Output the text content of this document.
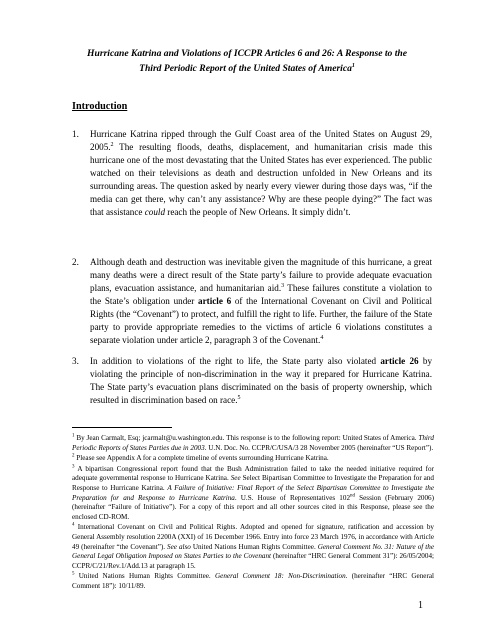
Hurricane Katrina and Violations of ICCPR Articles 6 and 26: A Response to the
Third Periodic Report of the United States of America$^1$
Introduction
1. Hurricane Katrina ripped through the Gulf Coast area of the United States on August 29, 2005.$^2$ The resulting floods, deaths, displacement, and humanitarian crisis made this hurricane one of the most devastating that the United States has ever experienced. The public watched on their televisions as death and destruction unfolded in New Orleans and its surrounding areas. The question asked by nearly every viewer during those days was, “if the media can get there, why can’t any assistance? Why are these people dying?” The fact was that assistance could reach the people of New Orleans. It simply didn’t.
2. Although death and destruction was inevitable given the magnitude of this hurricane, a great many deaths were a direct result of the State party’s failure to provide adequate evacuation plans, evacuation assistance, and humanitarian aid.$^3$ These failures constitute a violation to the State’s obligation under article 6 of the International Covenant on Civil and Political Rights (the “Covenant”) to protect, and fulfill the right to life. Further, the failure of the State party to provide appropriate remedies to the victims of article 6 violations constitutes a separate violation under article 2, paragraph 3 of the Covenant.$^4$
3. In addition to violations of the right to life, the State party also violated article 26 by violating the principle of non-discrimination in the way it prepared for Hurricane Katrina. The State party’s evacuation plans discriminated on the basis of property ownership, which resulted in discrimination based on race.$^5$

$^1$ By Jean Carmalt, Esq; jcarmalt@u.washington.edu. This response is to the following report: United States of America. Third Periodic Reports of States Parties due in 2003. U.N. Doc. No. CCPR/C/USA/3 28 November 2005 (hereinafter “US Report”).

$^2$ Please see Appendix A for a complete timeline of events surrounding Hurricane Katrina.

$^3$ A bipartisan Congressional report found that the Bush Administration failed to take the needed initiative required for adequate governmental response to Hurricane Katrina. See Select Bipartisan Committee to Investigate the Preparation for and Response to Hurricane Katrina. A Failure of Initiative: Final Report of the Select Bipartisan Committee to Investigate the Preparation for and Response to Hurricane Katrina. U.S. House of Representatives 102nd Session (February 2006) (hereinafter “Failure of Initiative”). For a copy of this report and all other sources cited in this Response, please see the enclosed CD-ROM.

$^4$ International Covenant on Civil and Political Rights. Adopted and opened for signature, ratification and accession by General Assembly resolution 2200A (XXI) of 16 December 1966. Entry into force 23 March 1976, in accordance with Article 49 (hereinafter “the Covenant”). See also United Nations Human Rights Committee. General Comment No. 31: Nature of the General Legal Obligation Imposed on States Parties to the Covenant (hereinafter “HRC General Comment 31”): 26/05/2004; CCPR/C/21/Rev.1/Add.13 at paragraph 15.

$^5$ United Nations Human Rights Committee. General Comment 18: Non-Discrimination. (hereinafter “HRC General Comment 18”): 10/11/89.

1
